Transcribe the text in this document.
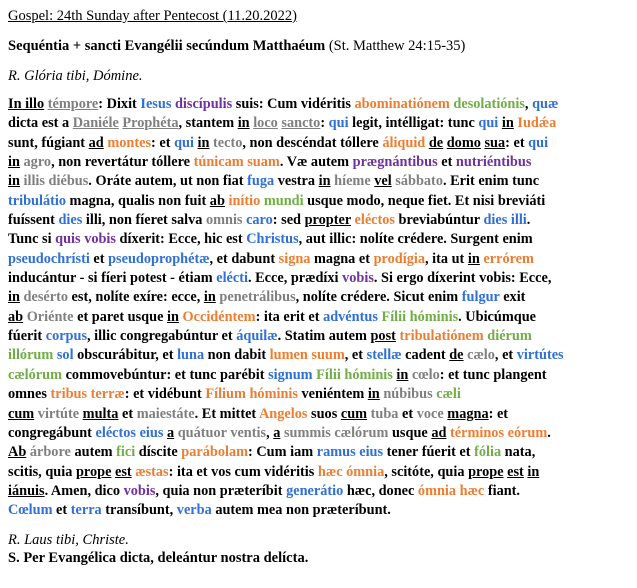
Gospel: 24th Sunday after Pentecost (11.20.2022)
Sequéntia + sancti Evangélii secúndum Matthaéum (St. Matthew 24:15-35)
R. Glória tibi, Dómine.
In illo témpore: Dixit Iesus discípulis suis: Cum vidéritis abominatiónem desolatiónis, quæ
dicta est a Daniéle Prophéta, stantem in loco sancto: qui legit, intélligat: tunc qui in Iudǽa
sunt, fúgiant ad montes: et qui in tecto, non descéndat tóllere áliquid de domo sua: et qui
in agro, non revertátur tóllere túnicam suam. Væ autem prægnántibus et nutriéntibus
in illis diébus. Oráte autem, ut non fiat fuga vestra in híeme vel sábbato. Erit enim tunc
tribulátio magna, qualis non fuit ab inítio mundi usque modo, neque fiet. Et nisi breviáti
fuíssent dies illi, non fíeret salva omnis caro: sed propter eléctos breviabúntur dies illi.
Tunc si quis vobis díxerit: Ecce, hic est Christus, aut illic: nolíte crédere. Surgent enim
pseudochrísti et pseudoprophétæ, et dabunt signa magna et prodígia, ita ut in errórem
inducántur - si fíeri potest - étiam elécti. Ecce, prædíxi vobis. Si ergo díxerint vobis: Ecce,
in desérto est, nolíte exíre: ecce, in penetrálibus, nolíte crédere. Sicut enim fulgur exit
ab Oriénte et paret usque in Occidéntem: ita erit et advéntus Fílii hóminis. Ubicúmque
fúerit corpus, illic congregabúntur et áquilæ. Statim autem post tribulatiónem diérum
illórum sol obscurábitur, et luna non dabit lumen suum, et stellæ cadent de cælo, et virtútes
cælórum commovebúntur: et tunc parébit signum Fílii hóminis in cœlo: et tunc plangent
omnes tribus terræ: et vidébunt Fílium hóminis veniéntem in núbibus cæli
cum virtúte multa et maiestáte. Et mittet Angelos suos cum tuba et voce magna: et
congregábunt eléctos eius a quátuor ventis, a summis cælórum usque ad términos eórum.
Ab árbore autem fici díscite parábolam: Cum iam ramus eius tener fúerit et fólia nata,
scitis, quia prope est æstas: ita et vos cum vidéritis hæc ómnia, scitóte, quia prope est in
iánuis. Amen, dico vobis, quia non præteríbit generátio hæc, donec ómnia hæc fiant.
Cœlum et terra transíbunt, verba autem mea non præteríbunt.
R. Laus tibi, Christe.
S. Per Evangélica dicta, deleántur nostra delícta.
